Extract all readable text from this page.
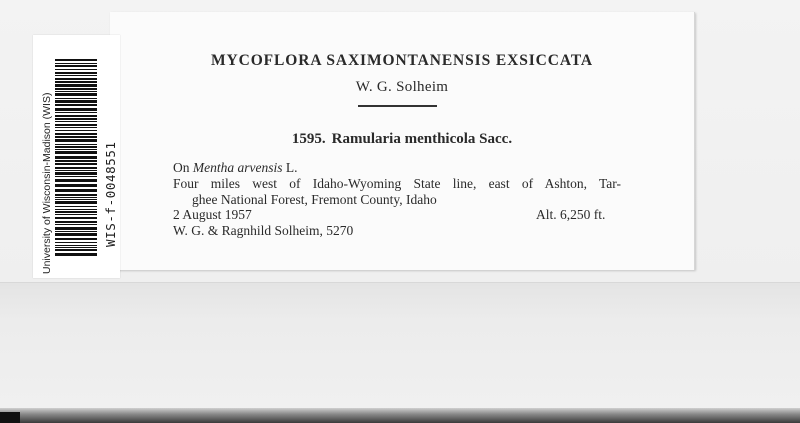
MYCOFLORA SAXIMONTANENSIS EXSICCATA
W. G. Solheim
1595. Ramularia menthicola Sacc.
On Mentha arvensis L.
Four miles west of Idaho-Wyoming State line, east of Ashton, Tar-
ghee National Forest, Fremont County, Idaho
2 August 1957	Alt. 6,250 ft.
W. G. & Ragnhild Solheim, 5270
University of Wisconsin-Madison (WIS)	WIS-f-0048551
